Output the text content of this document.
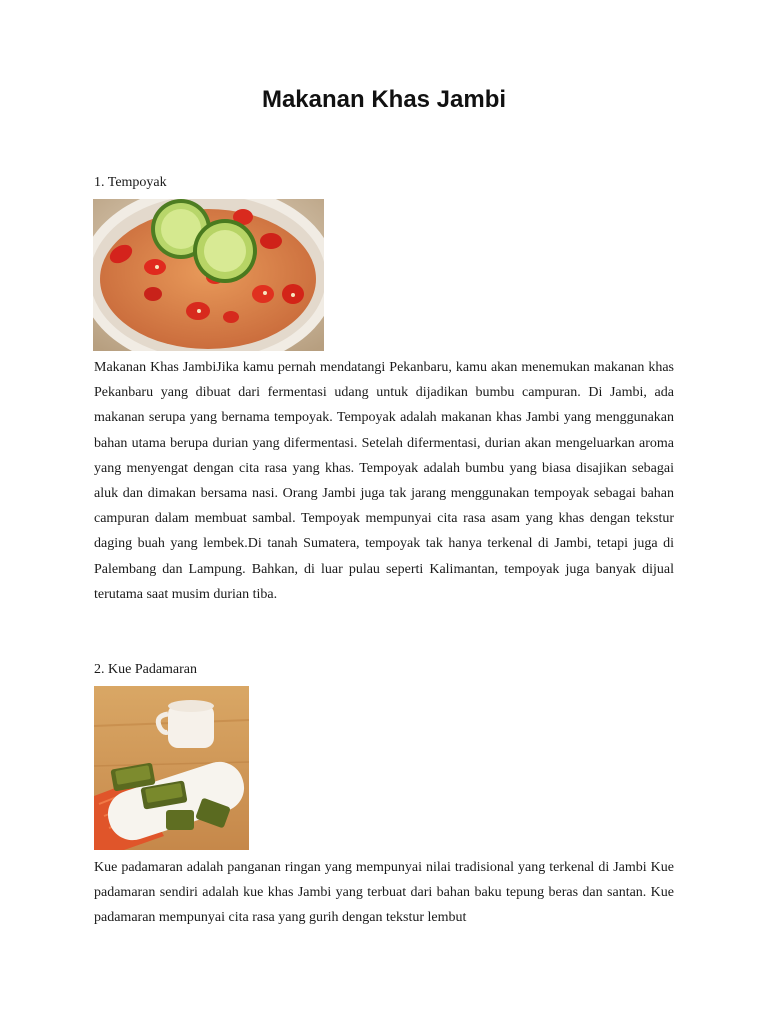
Makanan Khas Jambi

1. Tempoyak

Makanan Khas JambiJika kamu pernah mendatangi Pekanbaru, kamu akan menemukan makanan khas Pekanbaru yang dibuat dari fermentasi udang untuk dijadikan bumbu campuran. Di Jambi, ada makanan serupa yang bernama tempoyak. Tempoyak adalah makanan khas Jambi yang menggunakan bahan utama berupa durian yang difermentasi. Setelah difermentasi, durian akan mengeluarkan aroma yang menyengat dengan cita rasa yang khas. Tempoyak adalah bumbu yang biasa disajikan sebagai aluk dan dimakan bersama nasi. Orang Jambi juga tak jarang menggunakan tempoyak sebagai bahan campuran dalam membuat sambal. Tempoyak mempunyai cita rasa asam yang khas dengan tekstur daging buah yang lembek.Di tanah Sumatera, tempoyak tak hanya terkenal di Jambi, tetapi juga di Palembang dan Lampung. Bahkan, di luar pulau seperti Kalimantan, tempoyak juga banyak dijual terutama saat musim durian tiba.

2. Kue Padamaran

Kue padamaran adalah panganan ringan yang mempunyai nilai tradisional yang terkenal di Jambi Kue padamaran sendiri adalah kue khas Jambi yang terbuat dari bahan baku tepung beras dan santan. Kue padamaran mempunyai cita rasa yang gurih dengan tekstur lembut
